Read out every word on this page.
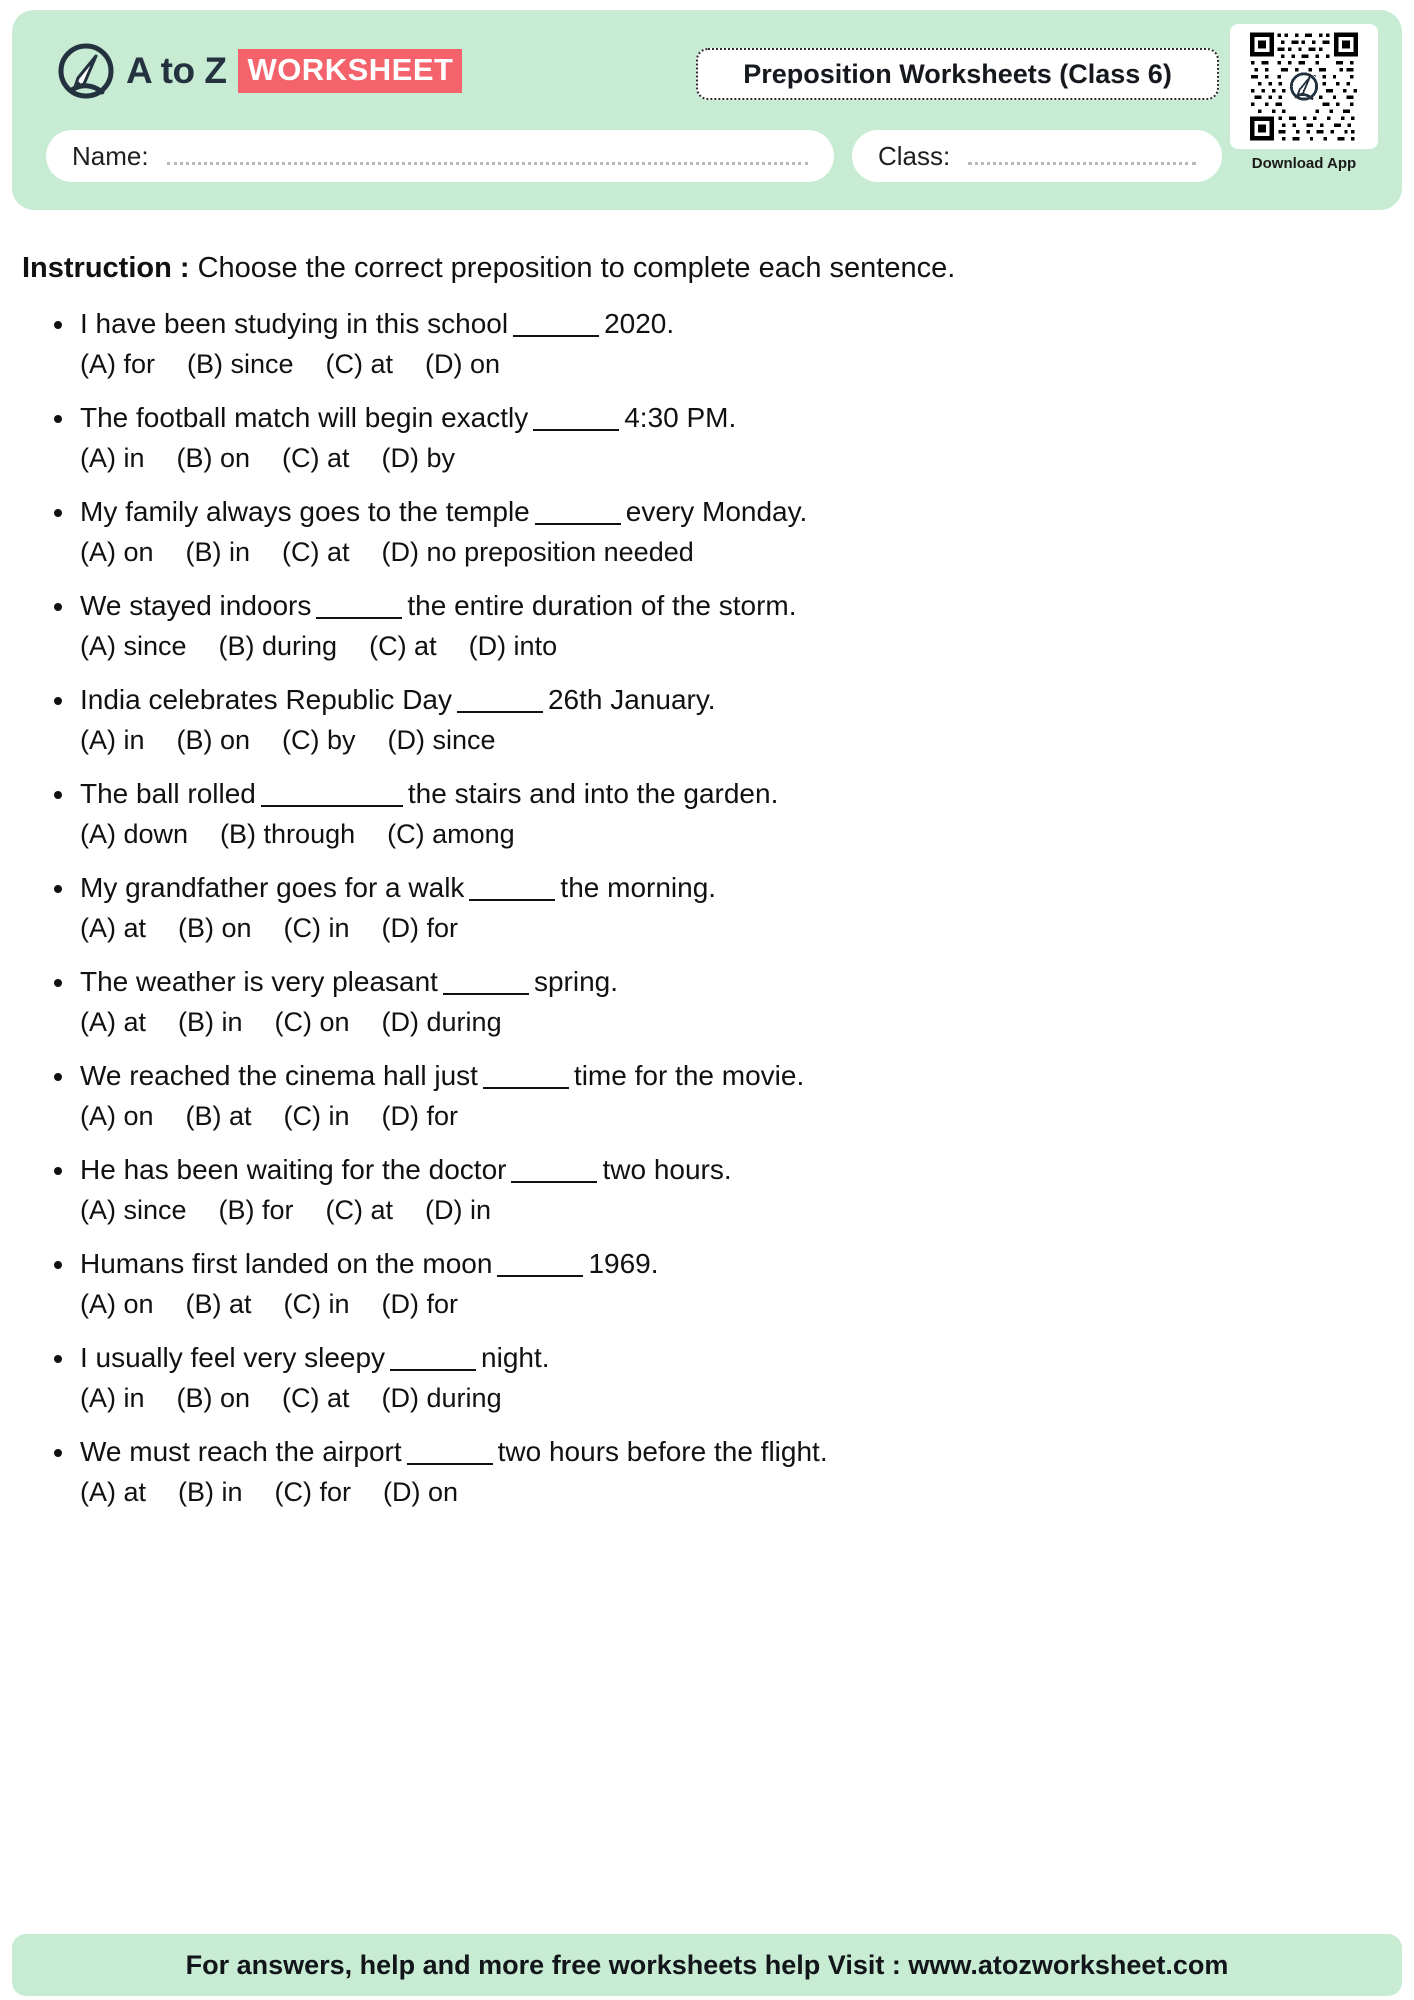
A to Z WORKSHEET	Preposition Worksheets (Class 6)
Download App
Name:	Class:
Instruction : Choose the correct preposition to complete each sentence.
I have been studying in this school	2020.
(A) for (B) since (C) at (D) on
The football match will begin exactly	4:30 PM.
(A) in (B) on (C) at (D) by
My family always goes to the temple	every Monday.
(A) on (B) in (C) at (D) no preposition needed
We stayed indoors	the entire duration of the storm.
(A) since (B) during (C) at (D) into
India celebrates Republic Day	26th January.
(A) in (B) on (C) by (D) since
The ball rolled	the stairs and into the garden.
(A) down (B) through (C) among
My grandfather goes for a walk	the morning.
(A) at (B) on (C) in (D) for
The weather is very pleasant	spring.
(A) at (B) in (C) on (D) during
We reached the cinema hall just	time for the movie.
(A) on (B) at (C) in (D) for
He has been waiting for the doctor	two hours.
(A) since (B) for (C) at (D) in
Humans first landed on the moon	1969.
(A) on (B) at (C) in (D) for
I usually feel very sleepy	night.
(A) in (B) on (C) at (D) during
We must reach the airport	two hours before the flight.
(A) at (B) in (C) for (D) on
For answers, help and more free worksheets help Visit : www.atozworksheet.com
